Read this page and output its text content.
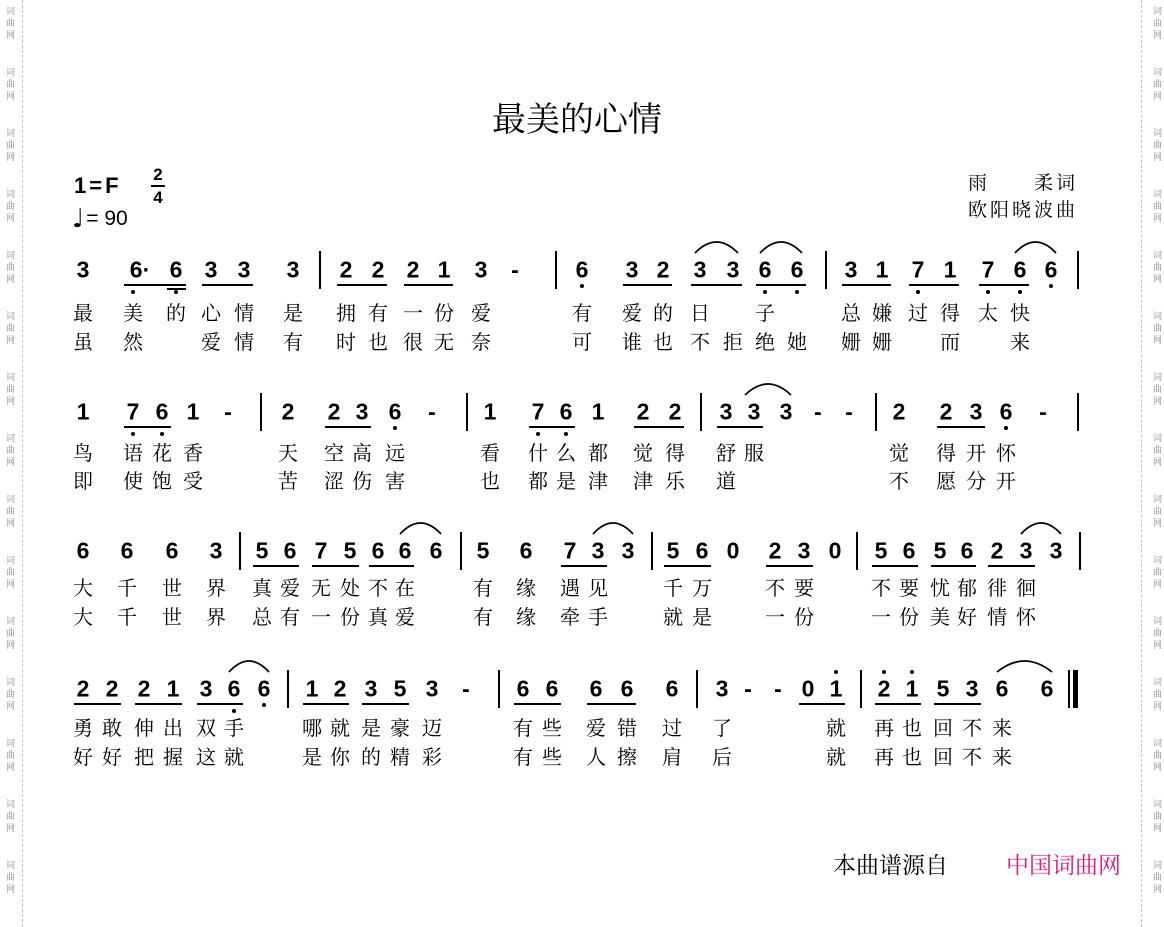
词曲网
词曲网
词曲网
词曲网
词曲网
词曲网
词曲网
词曲网
词曲网
词曲网
词曲网
词曲网
词曲网
词曲网
词曲网
词曲网
词曲网
词曲网
词曲网
词曲网
词曲网
词曲网
词曲网
词曲网
词曲网
词曲网
词曲网
词曲网
词曲网
词曲网
最美的心情
1=F 2
4
♩= 90
雨　　柔词
欧阳晓波曲
3 6· 6 3 3 3 2 2 2 1 3 - 6 3 2 3 3 6 6 3 1 7 1 7 6 6
最 美 的 心 情 是 拥 有 一 份 爱	有 爱 的 日 子	总 嫌 过 得 太 快
虽 然	爱 情 有 时 也 很 无 奈	可 谁 也 不 拒 绝 她 姗 姗 而	来
1 7 6 1 - 2 2 3 6 - 1 7 6 1 2 2 3 3 3 - - 2 2 3 6 -
鸟 语 花 香	天 空 高 远	看 什 么 都 觉 得 舒 服	觉 得 开 怀
即 使 饱 受	苦 涩 伤 害	也 都 是 津 津 乐 道	不 愿 分 开
6 6 6 3 5 6 7 5 6 6 6 5 6 7 3 3 5 6 0 2 3 0 5 6 5 6 2 3 3
大 千 世 界 真 爱 无 处 不 在	有 缘 遇 见	千 万	不 要	不 要 忧 郁 徘 徊
大 千 世 界 总 有 一 份 真 爱	有 缘 牵 手	就 是	一 份	一 份 美 好 情 怀
2 2 2 1 3 6 6 1 2 3 5 3 - 6 6 6 6 6 3 - - 0 1 2 1 5 3 6 6
勇 敢 伸 出 双 手	哪 就 是 豪 迈	有 些 爱 错 过 了	就 再 也 回 不 来
好 好 把 握 这 就	是 你 的 精 彩	有 些 人 擦 肩 后	就 再 也 回 不 来
本曲谱源自	中国词曲网
